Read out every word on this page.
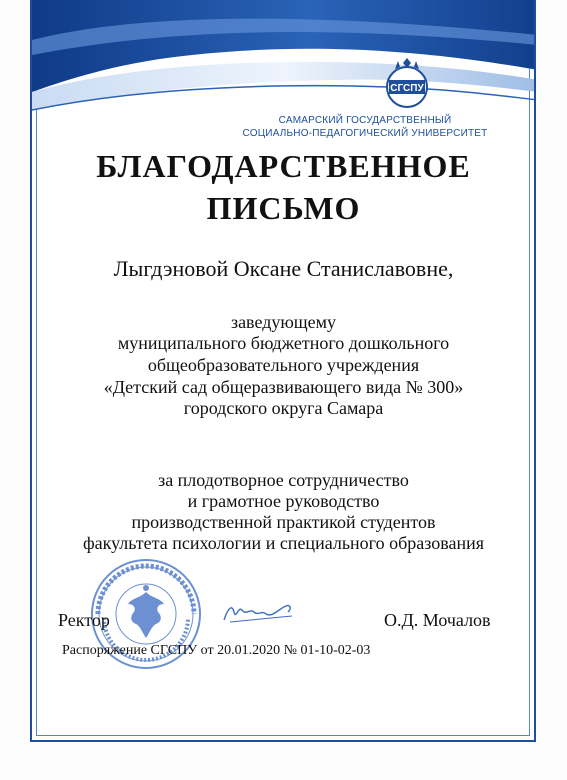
СГСПУ
САМАРСКИЙ ГОСУДАРСТВЕННЫЙ
СОЦИАЛЬНО-ПЕДАГОГИЧЕСКИЙ УНИВЕРСИТЕТ
БЛАГОДАРСТВЕННОЕ
ПИСЬМО
Лыгдэновой Оксане Станиславовне,
заведующему
муниципального бюджетного дошкольного
общеобразовательного учреждения
«Детский сад общеразвивающего вида № 300»
городского округа Самара
за плодотворное сотрудничество
и грамотное руководство
производственной практикой студентов
факультета психологии и специального образования
Ректор	О.Д. Мочалов
Распоряжение СГСПУ от 20.01.2020 № 01-10-02-03
